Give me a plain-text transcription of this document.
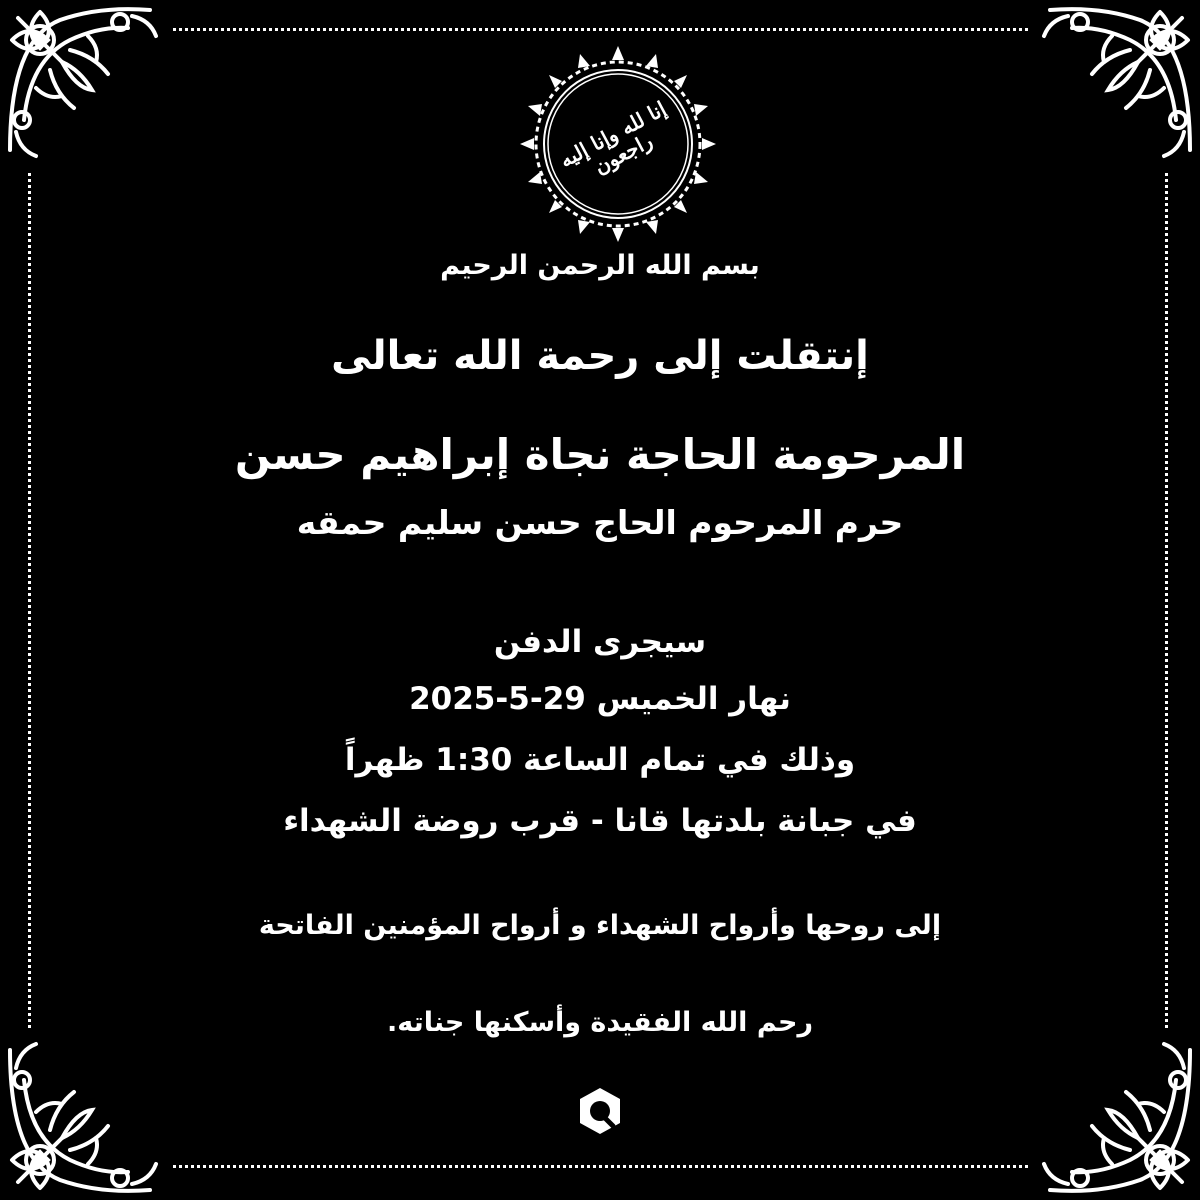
إنا لله وإنا إليه راجعون
بسم الله الرحمن الرحيم
إنتقلت إلى رحمة الله تعالى
المرحومة الحاجة نجاة إبراهيم حسن
حرم المرحوم الحاج حسن سليم حمقه
سيجرى الدفن
نهار الخميس 29-5-2025
وذلك في تمام الساعة 1:30 ظهراً
في جبانة بلدتها قانا - قرب روضة الشهداء
إلى روحها وأرواح الشهداء و أرواح المؤمنين الفاتحة
رحم الله الفقيدة وأسكنها جناته.
